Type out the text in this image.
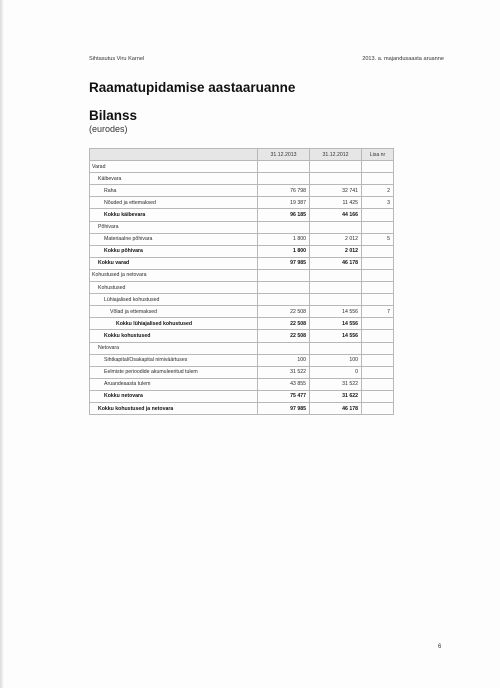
Sihtasutus Viru Karnel	2013. a. majandusaasta aruanne
Raamatupidamise aastaaruanne
Bilanss
(eurodes)
	31.12.2013	31.12.2012	Lisa nr
Varad			
Käibevara			
Raha	76 798	32 741	2
Nõuded ja ettemaksed	19 387	11 425	3
Kokku käibevara	96 185	44 166	
Põhivara			
Materiaalne põhivara	1 800	2 012	5
Kokku põhivara	1 800	2 012	
Kokku varad	97 985	46 178	
Kohustused ja netovara			
Kohustused			
Lühiajalised kohustused			
Võlad ja ettemaksed	22 508	14 556	7
Kokku lühiajalised kohustused	22 508	14 556	
Kokku kohustused	22 508	14 556	
Netovara			
Sihtkapital/Osakapital nimiväärtuses	100	100	
Eelmiste perioodide akumuleeritud tulem	31 522	0	
Aruandeaasta tulem	43 855	31 522	
Kokku netovara	75 477	31 622	
Kokku kohustused ja netovara	97 985	46 178	
6
